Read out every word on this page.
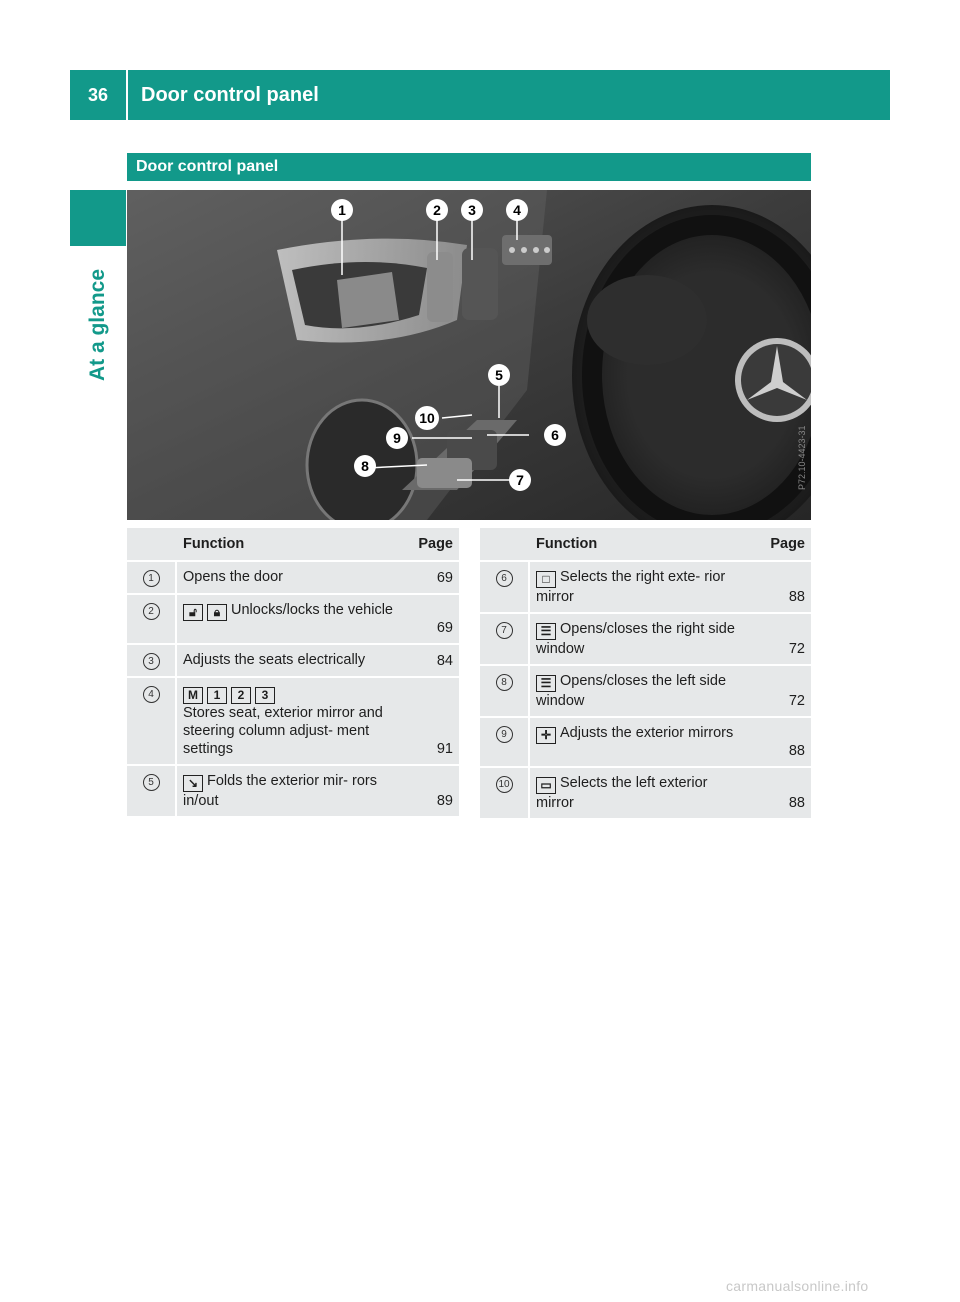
36	Door control panel
At a glance
Door control panel
P72.10-4423-31
1	2 3	4
5
6
7
8
9
10
	Function	Page
1	Opens the door	69
2	🔓︎ 🔒︎ Unlocks/locks the vehicle	69
3	Adjusts the seats electrically	84
4	M 1 2 3
Stores seat, exterior mirror and steering column adjust- ment settings	91
5	↘ Folds the exterior mir- rors in/out	89
	Function	Page
6	□ Selects the right exte- rior mirror	88
7	☰ Opens/closes the right side window	72
8	☰ Opens/closes the left side window	72
9	✛ Adjusts the exterior mirrors	88
10	▭ Selects the left exterior mirror	88
carmanualsonline.info
